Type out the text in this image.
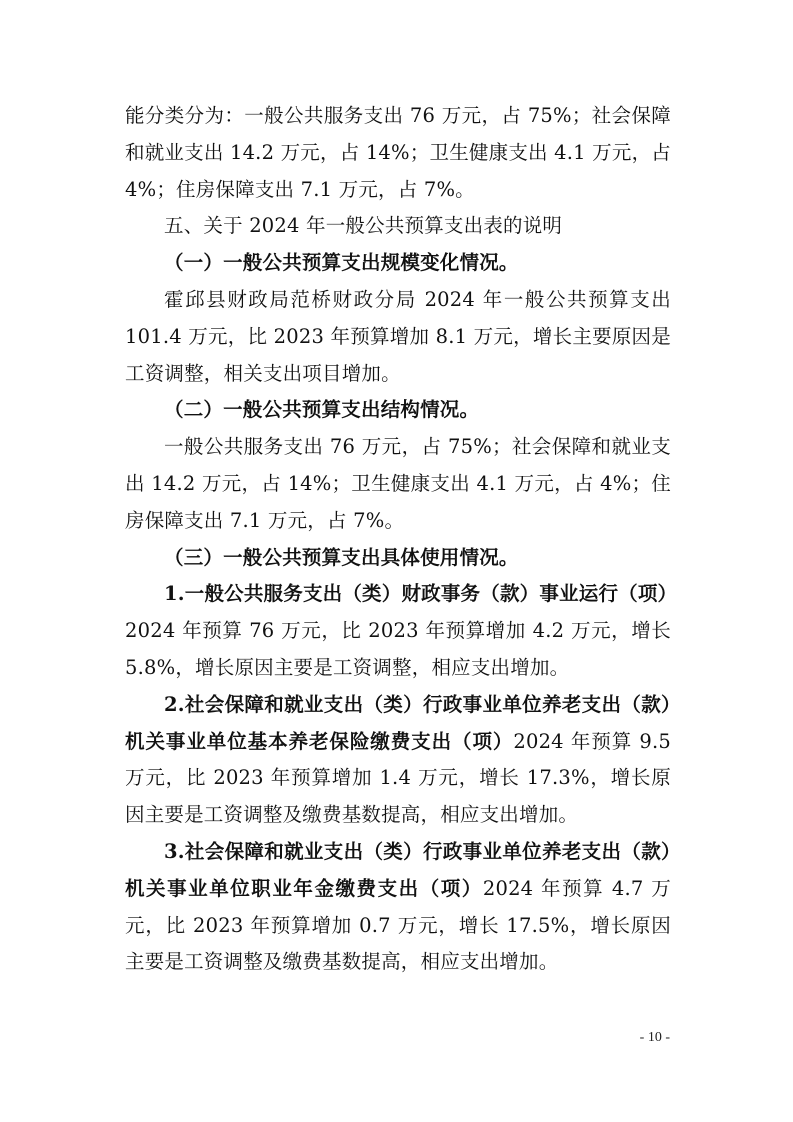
能分类分为：一般公共服务支出 76 万元，占 75%；社会保障和就业支出 14.2 万元，占 14%；卫生健康支出 4.1 万元，占 4%；住房保障支出 7.1 万元，占 7%。

五、关于 2024 年一般公共预算支出表的说明

（一）一般公共预算支出规模变化情况。

霍邱县财政局范桥财政分局 2024 年一般公共预算支出 101.4 万元，比 2023 年预算增加 8.1 万元，增长主要原因是工资调整，相关支出项目增加。

（二）一般公共预算支出结构情况。

一般公共服务支出 76 万元，占 75%；社会保障和就业支出 14.2 万元，占 14%；卫生健康支出 4.1 万元，占 4%；住房保障支出 7.1 万元，占 7%。

（三）一般公共预算支出具体使用情况。

1.一般公共服务支出（类）财政事务（款）事业运行（项）2024 年预算 76 万元，比 2023 年预算增加 4.2 万元，增长 5.8%，增长原因主要是工资调整，相应支出增加。

2.社会保障和就业支出（类）行政事业单位养老支出（款）机关事业单位基本养老保险缴费支出（项）2024 年预算 9.5 万元，比 2023 年预算增加 1.4 万元，增长 17.3%，增长原因主要是工资调整及缴费基数提高，相应支出增加。

3.社会保障和就业支出（类）行政事业单位养老支出（款）机关事业单位职业年金缴费支出（项）2024 年预算 4.7 万元，比 2023 年预算增加 0.7 万元，增长 17.5%，增长原因主要是工资调整及缴费基数提高，相应支出增加。

- 10 -
